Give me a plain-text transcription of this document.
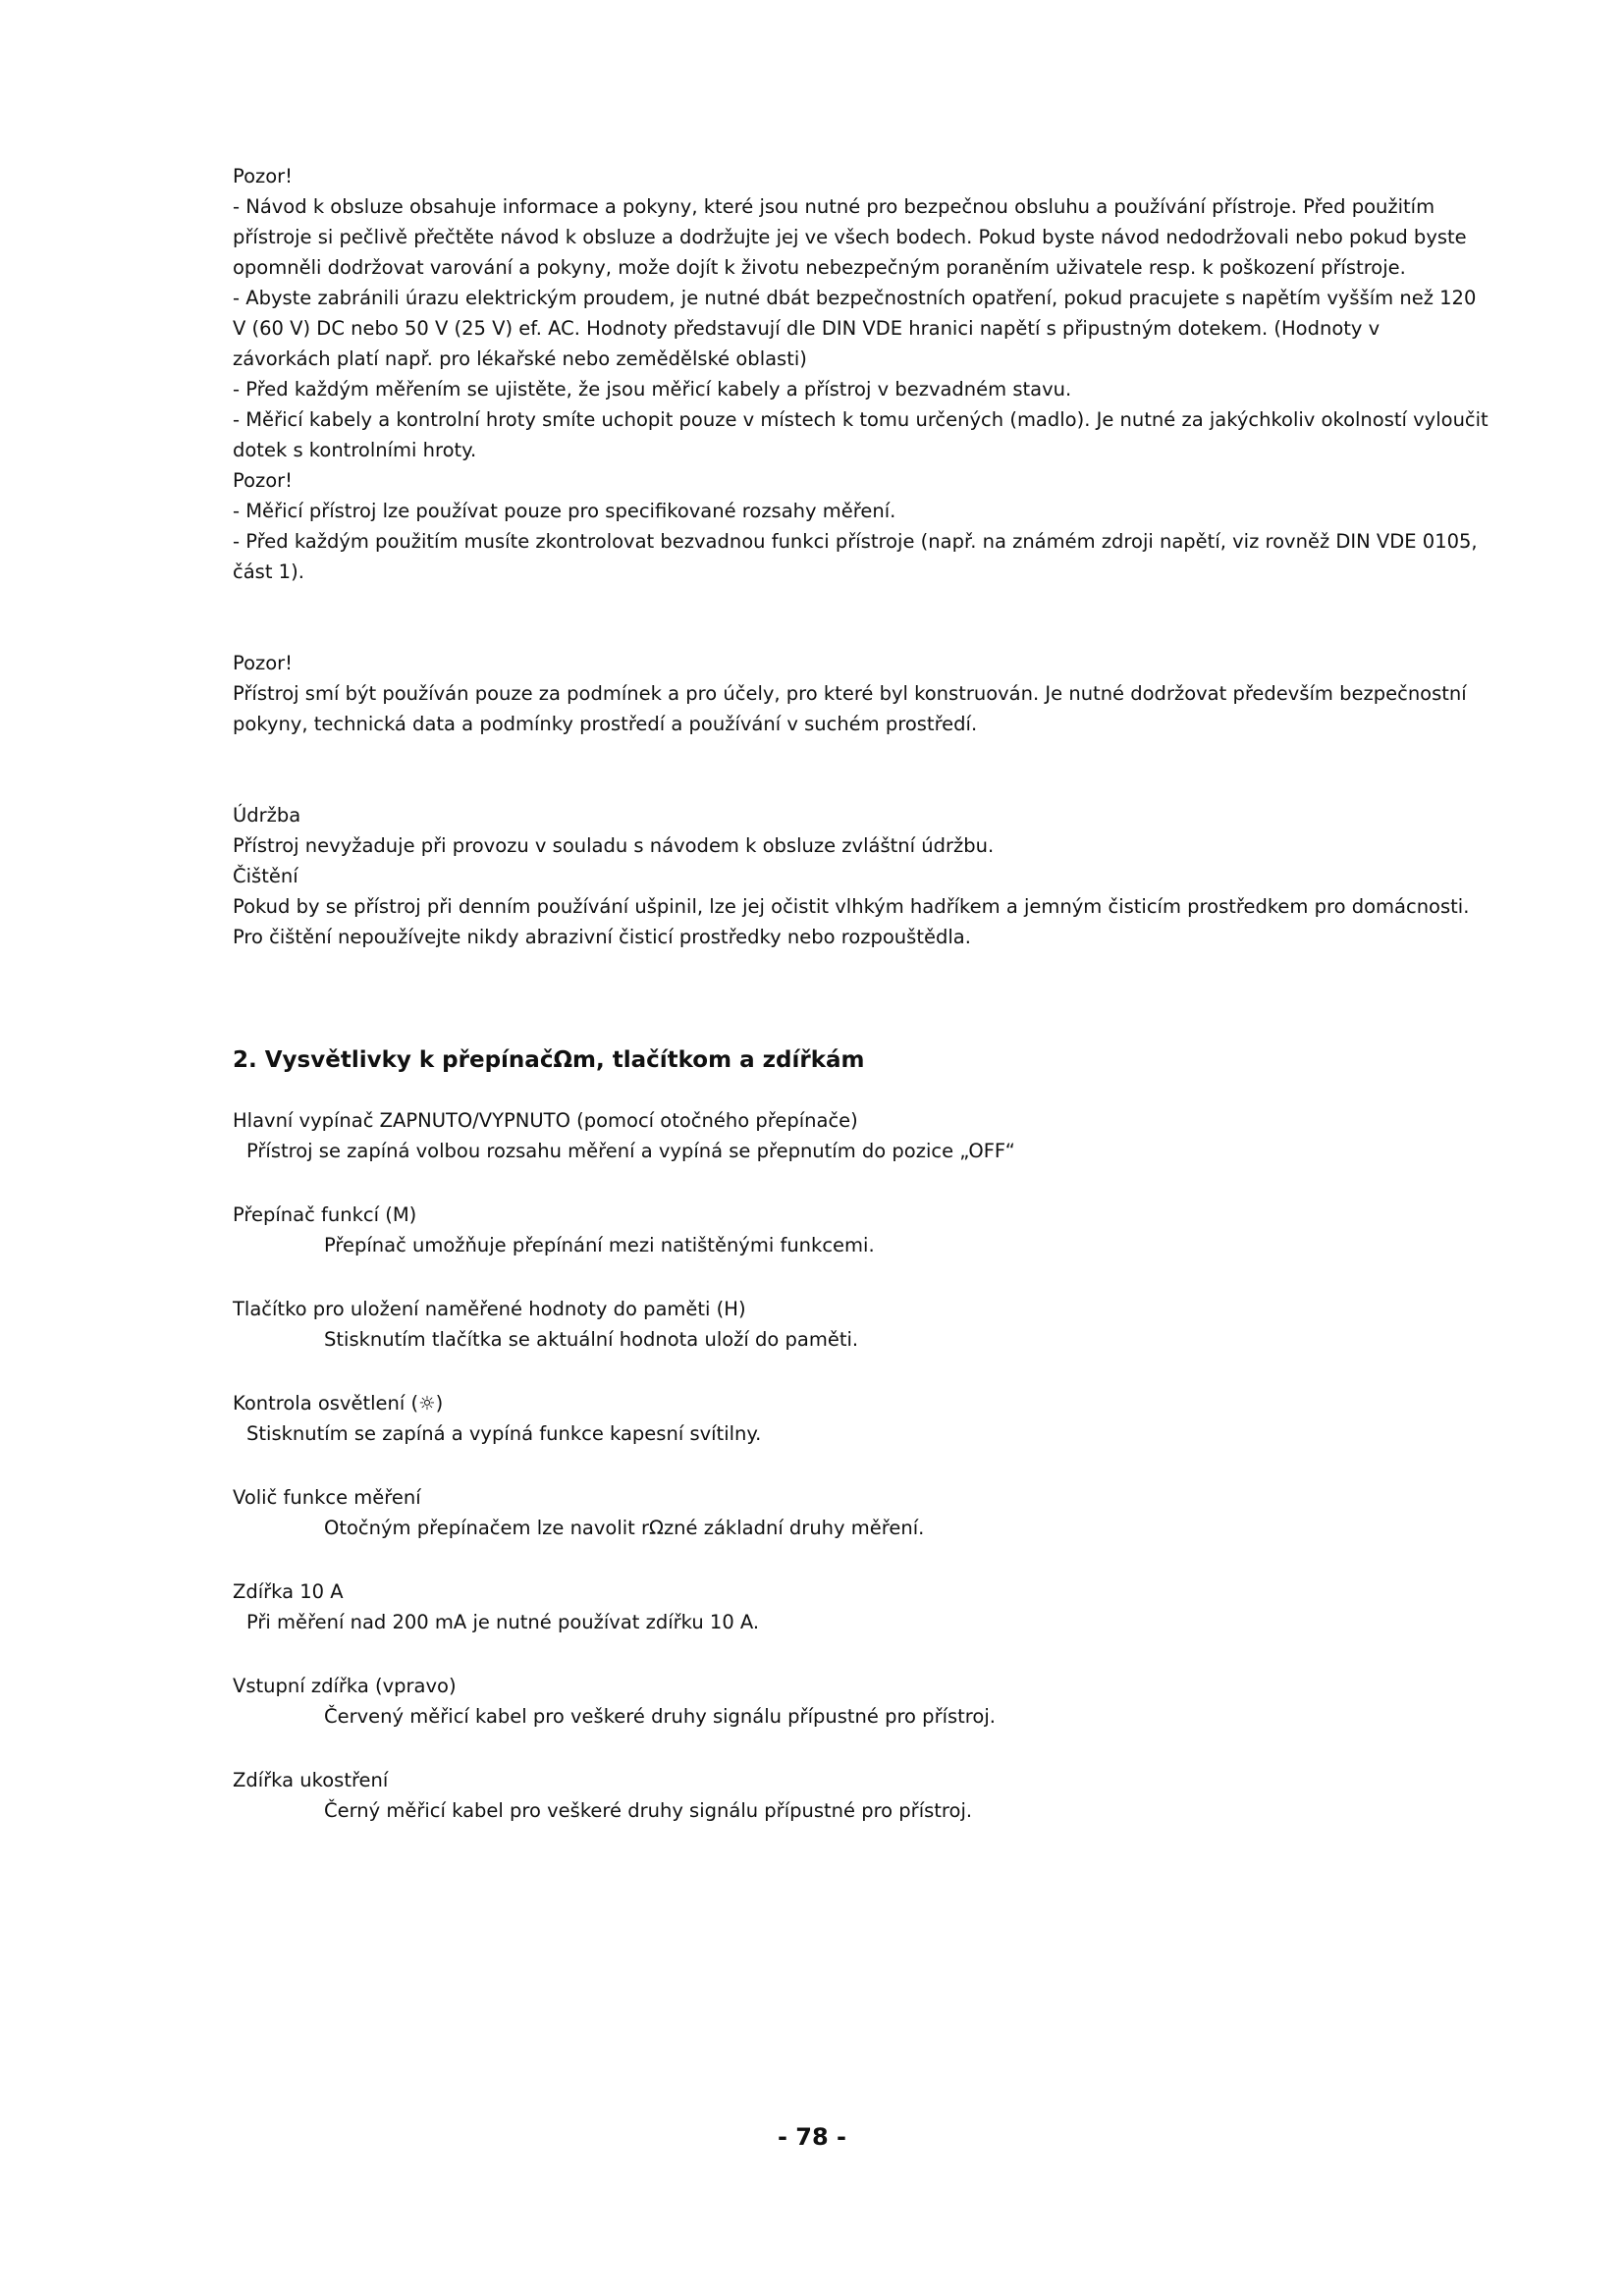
Pozor!

- Návod k obsluze obsahuje informace a pokyny, které jsou nutné pro bezpečnou obsluhu a používání přístroje. Před použitím

přístroje si pečlivě přečtěte návod k obsluze a dodržujte jej ve všech bodech. Pokud byste návod nedodržovali nebo pokud byste

opomněli dodržovat varování a pokyny, može dojít k životu nebezpečným poraněním uživatele resp. k poškození přístroje.

- Abyste zabránili úrazu elektrickým proudem, je nutné dbát bezpečnostních opatření, pokud pracujete s napětím vyšším než 120

V (60 V) DC nebo 50 V (25 V) ef. AC. Hodnoty představují dle DIN VDE hranici napětí s připustným dotekem. (Hodnoty v

závorkách platí např. pro lékařské nebo zemědělské oblasti)

- Před každým měřením se ujistěte, že jsou měřicí kabely a přístroj v bezvadném stavu.

- Měřicí kabely a kontrolní hroty smíte uchopit pouze v místech k tomu určených (madlo). Je nutné za jakýchkoliv okolností vyloučit

dotek s kontrolními hroty.

Pozor!

- Měřicí přístroj lze používat pouze pro specifikované rozsahy měření.

- Před každým použitím musíte zkontrolovat bezvadnou funkci přístroje (např. na známém zdroji napětí, viz rovněž DIN VDE 0105,

část 1).

Pozor!

Přístroj smí být používán pouze za podmínek a pro účely, pro které byl konstruován. Je nutné dodržovat především bezpečnostní

pokyny, technická data a podmínky prostředí a používání v suchém prostředí.

Údržba

Přístroj nevyžaduje při provozu v souladu s návodem k obsluze zvláštní údržbu.

Čištění

Pokud by se přístroj při denním používání ušpinil, lze jej očistit vlhkým hadříkem a jemným čisticím prostředkem pro domácnosti.

Pro čištění nepoužívejte nikdy abrazivní čisticí prostředky nebo rozpouštědla.

2. Vysvětlivky k přepínačΩm, tlačítkom a zdířkám

Hlavní vypínač ZAPNUTO/VYPNUTO (pomocí otočného přepínače)

Přístroj se zapíná volbou rozsahu měření a vypíná se přepnutím do pozice „OFF“

Přepínač funkcí (M)

Přepínač umožňuje přepínání mezi natištěnými funkcemi.

Tlačítko pro uložení naměřené hodnoty do paměti (H)

Stisknutím tlačítka se aktuální hodnota uloží do paměti.

Kontrola osvětlení (☼)

Stisknutím se zapíná a vypíná funkce kapesní svítilny.

Volič funkce měření

Otočným přepínačem lze navolit rΩzné základní druhy měření.

Zdířka 10 A

Při měření nad 200 mA je nutné používat zdířku 10 A.

Vstupní zdířka (vpravo)

Červený měřicí kabel pro veškeré druhy signálu přípustné pro přístroj.

Zdířka ukostření

Černý měřicí kabel pro veškeré druhy signálu přípustné pro přístroj.

- 78 -
